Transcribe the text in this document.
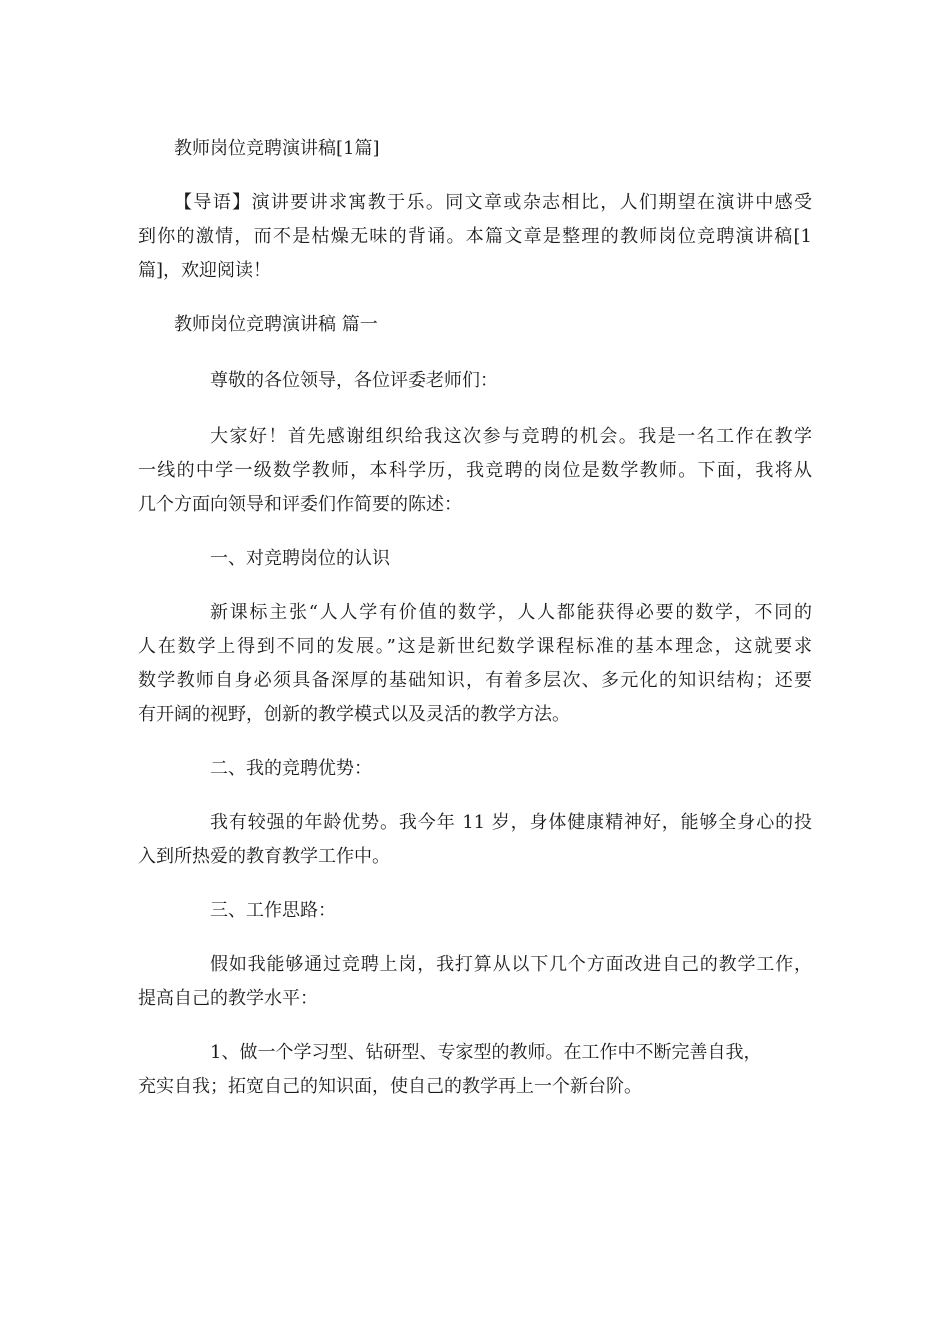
教师岗位竞聘演讲稿[1篇]

【导语】演讲要讲求寓教于乐。同文章或杂志相比，人们期望在演讲中感受
到你的激情，而不是枯燥无味的背诵。本篇文章是整理的教师岗位竞聘演讲稿[1
篇]，欢迎阅读！

教师岗位竞聘演讲稿 篇一

尊敬的各位领导，各位评委老师们：

大家好！首先感谢组织给我这次参与竞聘的机会。我是一名工作在教学
一线的中学一级数学教师，本科学历，我竞聘的岗位是数学教师。下面，我将从
几个方面向领导和评委们作简要的陈述：

一、对竞聘岗位的认识

新课标主张“人人学有价值的数学，人人都能获得必要的数学，不同的
人在数学上得到不同的发展。”这是新世纪数学课程标准的基本理念，这就要求
数学教师自身必须具备深厚的基础知识，有着多层次、多元化的知识结构；还要
有开阔的视野，创新的教学模式以及灵活的教学方法。

二、我的竞聘优势：

我有较强的年龄优势。我今年 11 岁，身体健康精神好，能够全身心的投
入到所热爱的教育教学工作中。

三、工作思路：

假如我能够通过竞聘上岗，我打算从以下几个方面改进自己的教学工作，
提高自己的教学水平：
1、做一个学习型、钻研型、专家型的教师。在工作中不断完善自我，
充实自我；拓宽自己的知识面，使自己的教学再上一个新台阶。
